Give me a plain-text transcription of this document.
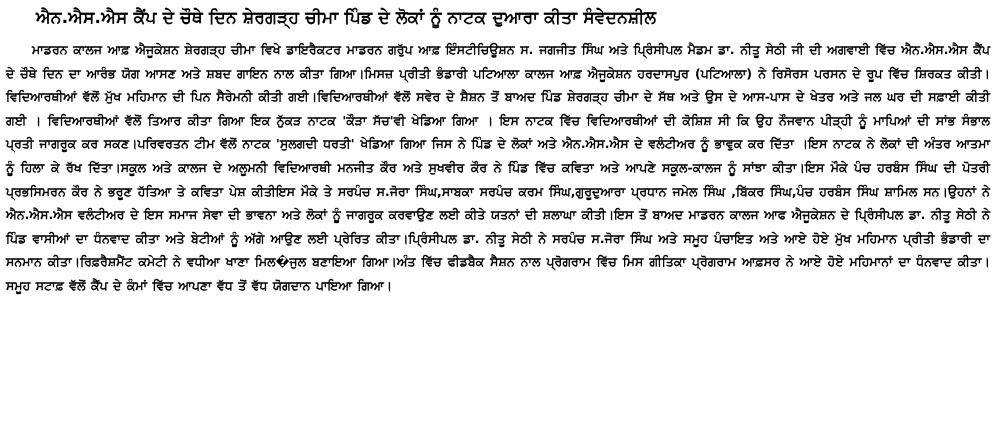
ਐਨ.ਐਸ.ਐਸ ਕੈਂਪ ਦੇ ਚੌਥੇ ਦਿਨ ਸ਼ੇਰਗੜ੍ਹ ਚੀਮਾ ਪਿੰਡ ਦੇ ਲੋਕਾਂ ਨੂੰ ਨਾਟਕ ਦੁਆਰਾ ਕੀਤਾ ਸੰਵੇਦਨਸ਼ੀਲ
ਮਾਡਰਨ ਕਾਲਜ ਆਫ਼ ਐਜੂਕੇਸ਼ਨ ਸ਼ੇਰਗੜ੍ਹ ਚੀਮਾ ਵਿਖੇ ਡਾਇਰੈਕਟਰ ਮਾਡਰਨ ਗਰੁੱਪ ਆਫ਼ ਇੰਸਟੀਚਿਊਸ਼ਨ ਸ. ਜਗਜੀਤ ਸਿੰਘ ਅਤੇ ਪ੍ਰਿੰਸੀਪਲ ਮੈਡਮ ਡਾ. ਨੀਤੂ ਸੇਠੀ ਜੀ ਦੀ ਅਗਵਾਈ ਵਿੱਚ ਐਨ.ਐਸ.ਐਸ ਕੈਂਪ ਦੇ ਚੌਥੇ ਦਿਨ ਦਾ ਆਰੰਭ ਯੋਗ ਆਸਣ ਅਤੇ ਸ਼ਬਦ ਗਾਇਨ ਨਾਲ ਕੀਤਾ ਗਿਆ।ਮਿਸਜ਼ ਪ੍ਰੀਤੀ ਭੰਡਾਰੀ ਪਟਿਆਲਾ ਕਾਲਜ ਆਫ਼ ਐਜੂਕੇਸ਼ਨ ਹਰਦਾਸਪੁਰ (ਪਟਿਆਲਾ) ਨੇ ਰਿਸੋਰਸ ਪਰਸਨ ਦੇ ਰੂਪ ਵਿੱਚ ਸ਼ਿਰਕਤ ਕੀਤੀ। ਵਿਦਿਆਰਥੀਆਂ ਵੱਲੋਂ ਮੁੱਖ ਮਹਿਮਾਨ ਦੀ ਪਿਨ ਸੈਰੇਮਨੀ ਕੀਤੀ ਗਈ।ਵਿਦਿਆਰਥੀਆਂ ਵੱਲੋਂ ਸਵੇਰ ਦੇ ਸ਼ੈਸ਼ਨ ਤੋਂ ਬਾਅਦ ਪਿੰਡ ਸ਼ੇਰਗੜ੍ਹ ਚੀਮਾ ਦੇ ਸੱਥ ਅਤੇ ਉਸ ਦੇ ਆਸ-ਪਾਸ ਦੇ ਖੇਤਰ ਅਤੇ ਜਲ ਘਰ ਦੀ ਸਫ਼ਾਈ ਕੀਤੀ ਗਈ । ਵਿਦਿਆਰਥੀਆਂ ਵੱਲੋਂ ਤਿਆਰ ਕੀਤਾ ਗਿਆ ਇਕ ਨੁੱਕੜ ਨਾਟਕ 'ਕੌੜਾ ਸੱਚ'ਵੀ ਖੇਡਿਆ ਗਿਆ । ਇਸ ਨਾਟਕ ਵਿੱਚ ਵਿਦਿਆਰਥੀਆਂ ਦੀ ਕੋਸ਼ਿਸ਼ ਸੀ ਕਿ ਉਹ ਨੌਜਵਾਨ ਪੀੜ੍ਹੀ ਨੂੰ ਮਾਪਿਆਂ ਦੀ ਸਾਂਭ ਸੰਭਾਲ ਪ੍ਰਤੀ ਜਾਗਰੂਕ ਕਰ ਸਕਣ।ਪਰਿਵਰਤਨ ਟੀਮ ਵੱਲੋਂ ਨਾਟਕ 'ਸੁਲਗਦੀ ਧਰਤੀ' ਖੇਡਿਆ ਗਿਆ ਜਿਸ ਨੇ ਪਿੰਡ ਦੇ ਲੋਕਾਂ ਅਤੇ ਐਨ.ਐਸ.ਐਸ ਦੇ ਵਲੰਟੀਅਰ ਨੂੰ ਭਾਵੁਕ ਕਰ ਦਿੱਤਾ ।ਇਸ ਨਾਟਕ ਨੇ ਲੋਕਾਂ ਦੀ ਅੰਤਰ ਆਤਮਾ ਨੂੰ ਹਿਲਾ ਕੇ ਰੱਖ ਦਿੱਤਾ।ਸਕੂਲ ਅਤੇ ਕਾਲਜ ਦੇ ਅਲੂਮਨੀ ਵਿਦਿਆਰਥੀ ਮਨਜੀਤ ਕੌਰ ਅਤੇ ਸੁਖਵੀਰ ਕੌਰ ਨੇ ਪਿੰਡ ਵਿੱਚ ਕਵਿਤਾ ਅਤੇ ਆਪਣੇ ਸਕੂਲ-ਕਾਲਜ ਨੂੰ ਸਾਂਝਾ ਕੀਤਾ।ਇਸ ਮੌਕੇ ਪੰਚ ਹਰਬੰਸ ਸਿੰਘ ਦੀ ਪੋਤਰੀ ਪ੍ਰਭਸਿਮਰਨ ਕੌਰ ਨੇ ਭਰੂਣ ਹੱਤਿਆ ਤੇ ਕਵਿਤਾ ਪੇਸ਼ ਕੀਤੀਇਸ ਮੌਕੇ ਤੇ ਸਰਪੰਚ ਸ.ਜੋਰਾ ਸਿੰਘ,ਸਾਬਕਾ ਸਰਪੰਚ ਕਰਮ ਸਿੰਘ,ਗੁਰੂਦੁਆਰਾ ਪ੍ਰਧਾਨ ਜਮੇਲ ਸਿੰਘ ,ਬਿੱਕਰ ਸਿੰਘ,ਪੰਚ ਹਰਬੰਸ ਸਿੰਘ ਸ਼ਾਮਿਲ ਸਨ।ਉਹਨਾਂ ਨੇ ਐਨ.ਐਸ.ਐਸ ਵਲੰਟੀਅਰ ਦੇ ਇਸ ਸਮਾਜ ਸੇਵਾ ਦੀ ਭਾਵਨਾ ਅਤੇ ਲੋਕਾਂ ਨੂੰ ਜਾਗਰੂਕ ਕਰਵਾਉਣ ਲਈ ਕੀਤੇ ਯਤਨਾਂ ਦੀ ਸ਼ਲਾਘਾ ਕੀਤੀ।ਇਸ ਤੋਂ ਬਾਅਦ ਮਾਡਰਨ ਕਾਲਜ ਆਫ ਐਜੂਕੇਸ਼ਨ ਦੇ ਪ੍ਰਿੰਸੀਪਲ ਡਾ. ਨੀਤੂ ਸੇਠੀ ਨੇ ਪਿੰਡ ਵਾਸੀਆਂ ਦਾ ਧੰਨਵਾਦ ਕੀਤਾ ਅਤੇ ਬੇਟੀਆਂ ਨੂੰ ਅੱਗੇ ਆਉਣ ਲਈ ਪ੍ਰੇਰਿਤ ਕੀਤਾ।ਪ੍ਰਿੰਸੀਪਲ ਡਾ. ਨੀਤੂ ਸੇਠੀ ਨੇ ਸਰਪੰਚ ਸ.ਜੋਰਾ ਸਿੰਘ ਅਤੇ ਸਮੂਹ ਪੰਚਾਇਤ ਅਤੇ ਆਏ ਹੋਏ ਮੁੱਖ ਮਹਿਮਾਨ ਪ੍ਰੀਤੀ ਭੰਡਾਰੀ ਦਾ ਸਨਮਾਨ ਕੀਤਾ।ਰਿਫ਼ਰੈਸ਼ਮੈਂਟ ਕਮੇਟੀ ਨੇ ਵਧੀਆ ਖਾਣਾ ਮਿਲ�ਜੁਲ ਬਣਾਇਆ ਗਿਆ।ਅੰਤ ਵਿੱਚ ਫੀਡਬੈਕ ਸੈਸ਼ਨ ਨਾਲ ਪ੍ਰੋਗਰਾਮ ਵਿੱਚ ਮਿਸ ਗੀਤਿਕਾ ਪ੍ਰੋਗਰਾਮ ਆਫ਼ਸਰ ਨੇ ਆਏ ਹੋਏ ਮਹਿਮਾਨਾਂ ਦਾ ਧੰਨਵਾਦ ਕੀਤਾ। ਸਮੂਹ ਸਟਾਫ਼ ਵੱਲੋਂ ਕੈਂਪ ਦੇ ਕੰਮਾਂ ਵਿੱਚ ਆਪਣਾ ਵੱਧ ਤੋਂ ਵੱਧ ਯੋਗਦਾਨ ਪਾਇਆ ਗਿਆ।
